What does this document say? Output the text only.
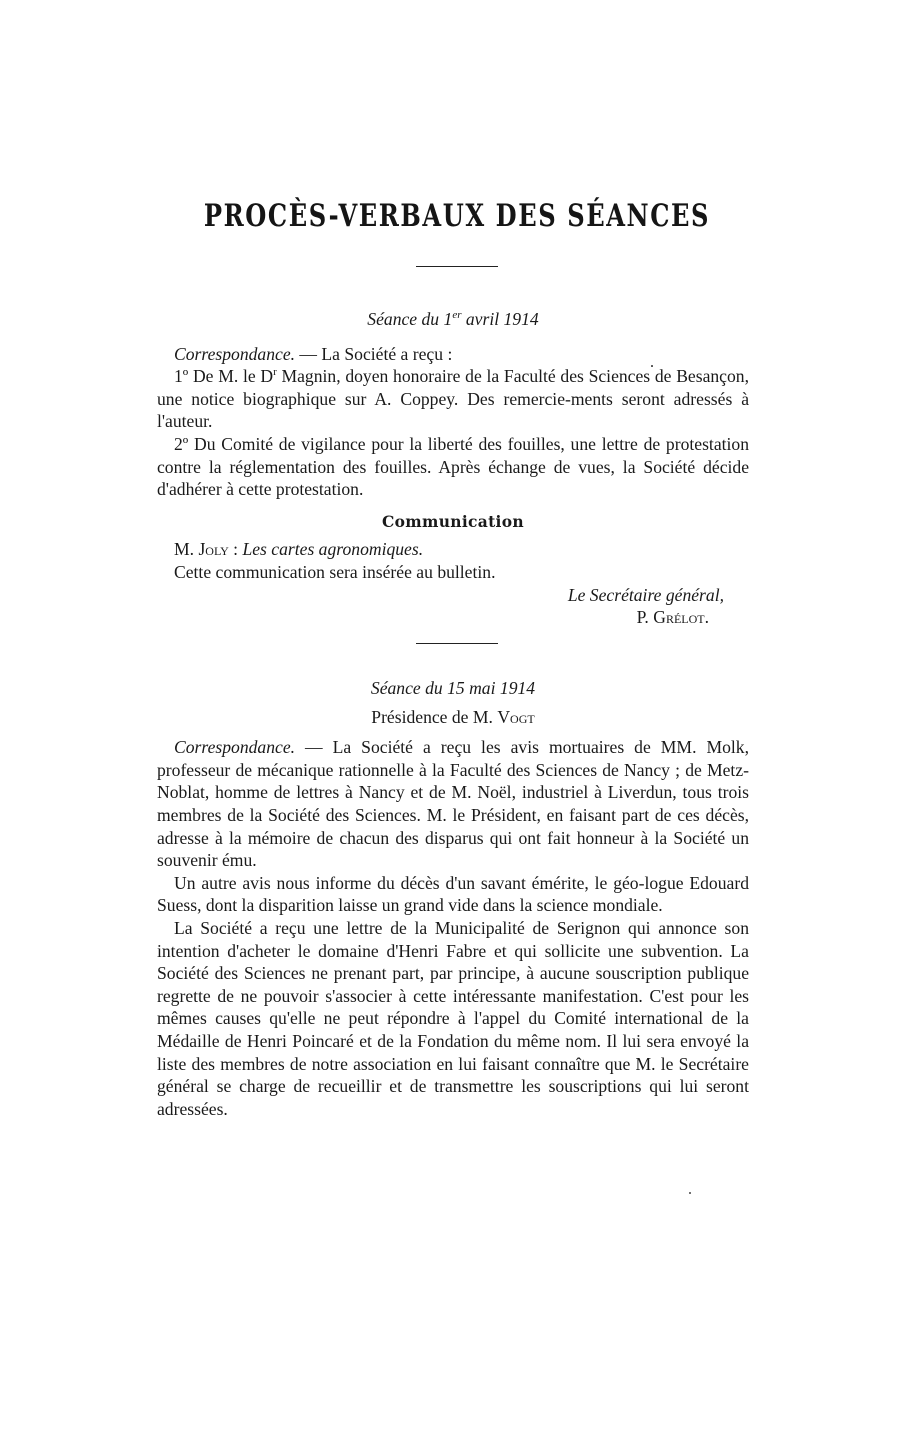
PROCÈS-VERBAUX DES SÉANCES

Séance du 1er avril 1914

Correspondance. — La Société a reçu :

1º De M. le $D^r$ Magnin, doyen honoraire de la Faculté des Sciences de Besançon, une notice biographique sur A. Coppey. Des remercie-ments seront adressés à l'auteur.

2º Du Comité de vigilance pour la liberté des fouilles, une lettre de protestation contre la réglementation des fouilles. Après échange de vues, la Société décide d'adhérer à cette protestation.

Communication

M. Joly : Les cartes agronomiques.

Cette communication sera insérée au bulletin.

Le Secrétaire général,

P. Grélot.

Séance du 15 mai 1914

Présidence de M. Vogt

Correspondance. — La Société a reçu les avis mortuaires de MM. Molk, professeur de mécanique rationnelle à la Faculté des Sciences de Nancy ; de Metz-Noblat, homme de lettres à Nancy et de M. Noël, industriel à Liverdun, tous trois membres de la Société des Sciences. M. le Président, en faisant part de ces décès, adresse à la mémoire de chacun des disparus qui ont fait honneur à la Société un souvenir ému.

Un autre avis nous informe du décès d'un savant émérite, le géo-logue Edouard Suess, dont la disparition laisse un grand vide dans la science mondiale.

La Société a reçu une lettre de la Municipalité de Serignon qui annonce son intention d'acheter le domaine d'Henri Fabre et qui sollicite une subvention. La Société des Sciences ne prenant part, par principe, à aucune souscription publique regrette de ne pouvoir s'associer à cette intéressante manifestation. C'est pour les mêmes causes qu'elle ne peut répondre à l'appel du Comité international de la Médaille de Henri Poincaré et de la Fondation du même nom. Il lui sera envoyé la liste des membres de notre association en lui faisant connaître que M. le Secrétaire général se charge de recueillir et de transmettre les souscriptions qui lui seront adressées.
